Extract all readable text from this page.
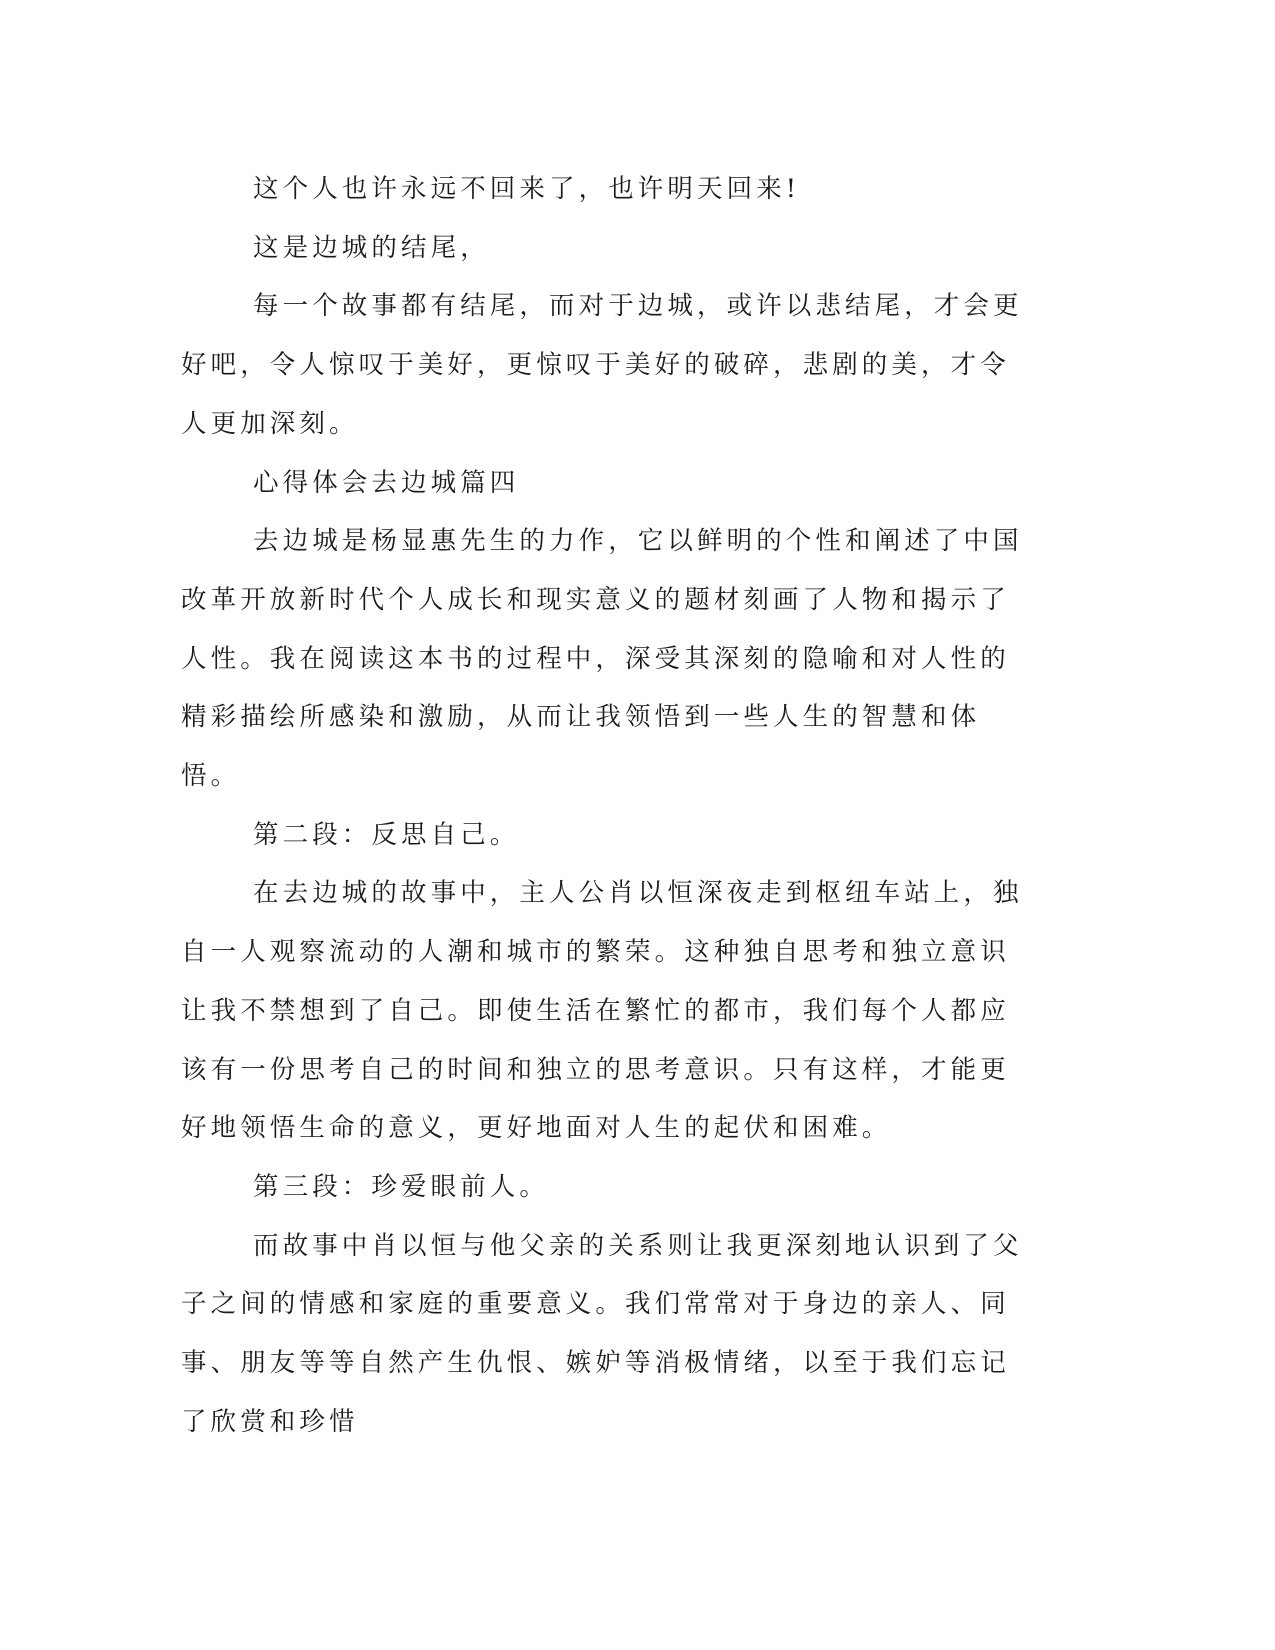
这个人也许永远不回来了，也许明天回来!

这是边城的结尾，

每一个故事都有结尾，而对于边城，或许以悲结尾，才会更好吧，令人惊叹于美好，更惊叹于美好的破碎，悲剧的美，才令人更加深刻。

心得体会去边城篇四

去边城是杨显惠先生的力作，它以鲜明的个性和阐述了中国改革开放新时代个人成长和现实意义的题材刻画了人物和揭示了人性。我在阅读这本书的过程中，深受其深刻的隐喻和对人性的精彩描绘所感染和激励，从而让我领悟到一些人生的智慧和体悟。

第二段：反思自己。

在去边城的故事中，主人公肖以恒深夜走到枢纽车站上，独自一人观察流动的人潮和城市的繁荣。这种独自思考和独立意识让我不禁想到了自己。即使生活在繁忙的都市，我们每个人都应该有一份思考自己的时间和独立的思考意识。只有这样，才能更好地领悟生命的意义，更好地面对人生的起伏和困难。

第三段：珍爱眼前人。

而故事中肖以恒与他父亲的关系则让我更深刻地认识到了父子之间的情感和家庭的重要意义。我们常常对于身边的亲人、同事、朋友等等自然产生仇恨、嫉妒等消极情绪，以至于我们忘记了欣赏和珍惜
